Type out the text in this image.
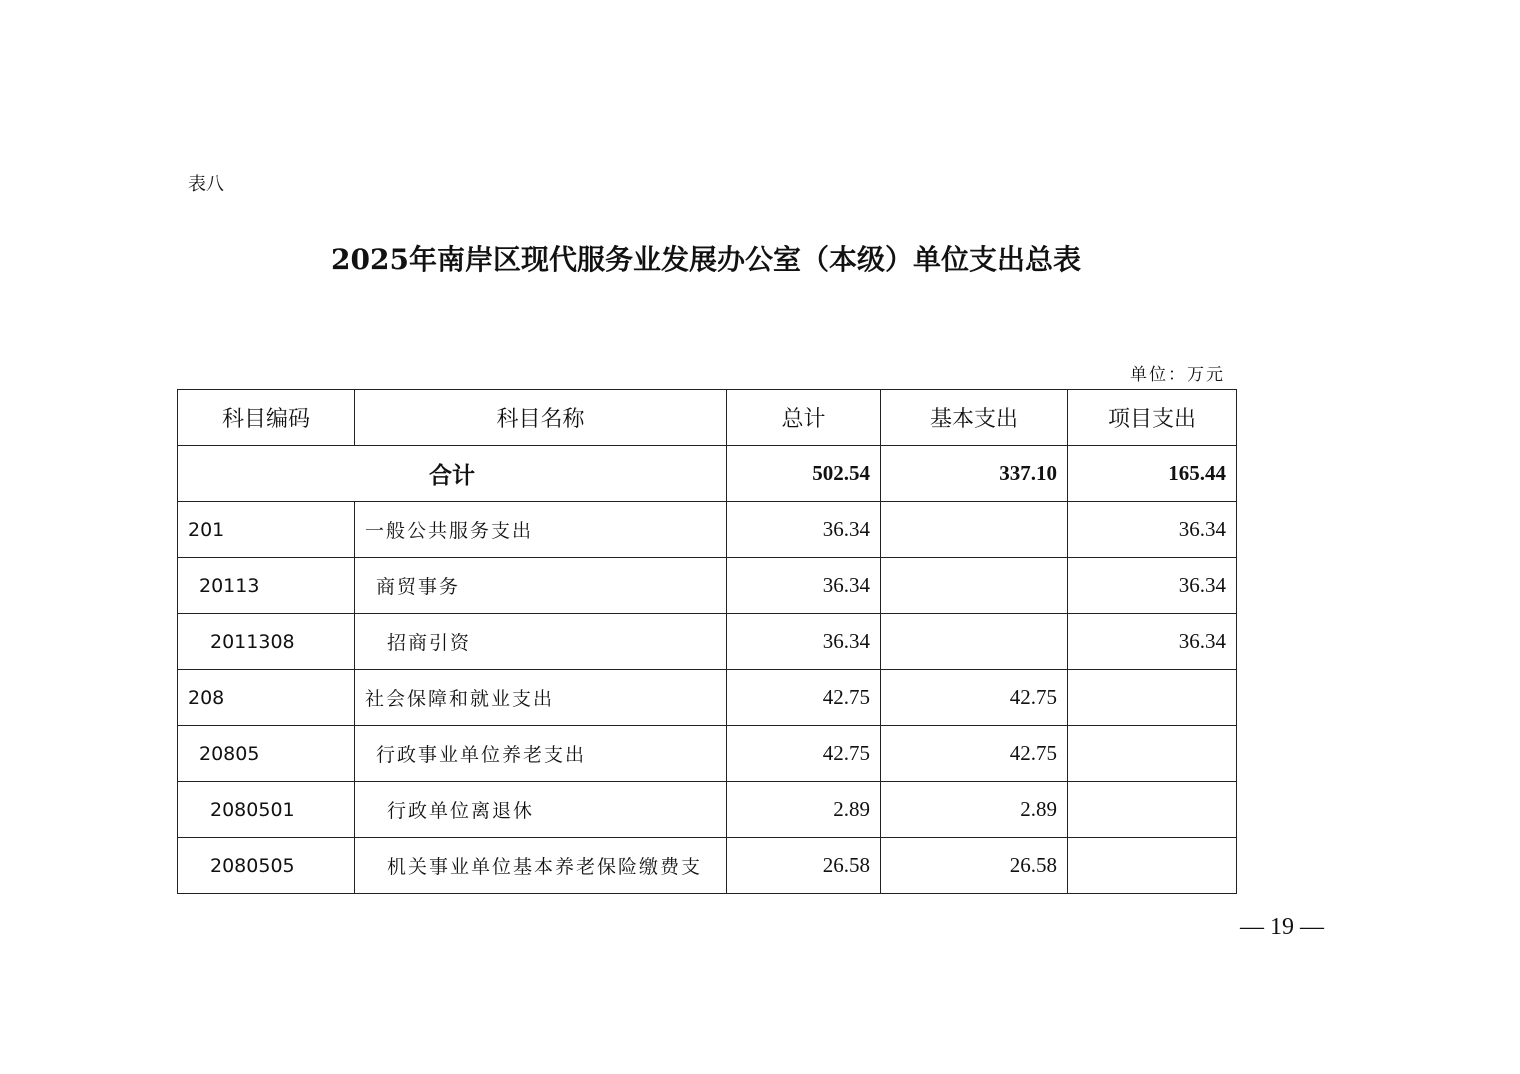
表八
2025年南岸区现代服务业发展办公室（本级）单位支出总表
单位：万元
科目编码	科目名称	总计	基本支出	项目支出
合计		502.54	337.10	165.44
201	一般公共服务支出	36.34		36.34
20113	商贸事务	36.34		36.34
2011308	招商引资	36.34		36.34
208	社会保障和就业支出	42.75	42.75	
20805	行政事业单位养老支出	42.75	42.75	
2080501	行政单位离退休	2.89	2.89	
2080505	机关事业单位基本养老保险缴费支	26.58	26.58	
— 19 —
